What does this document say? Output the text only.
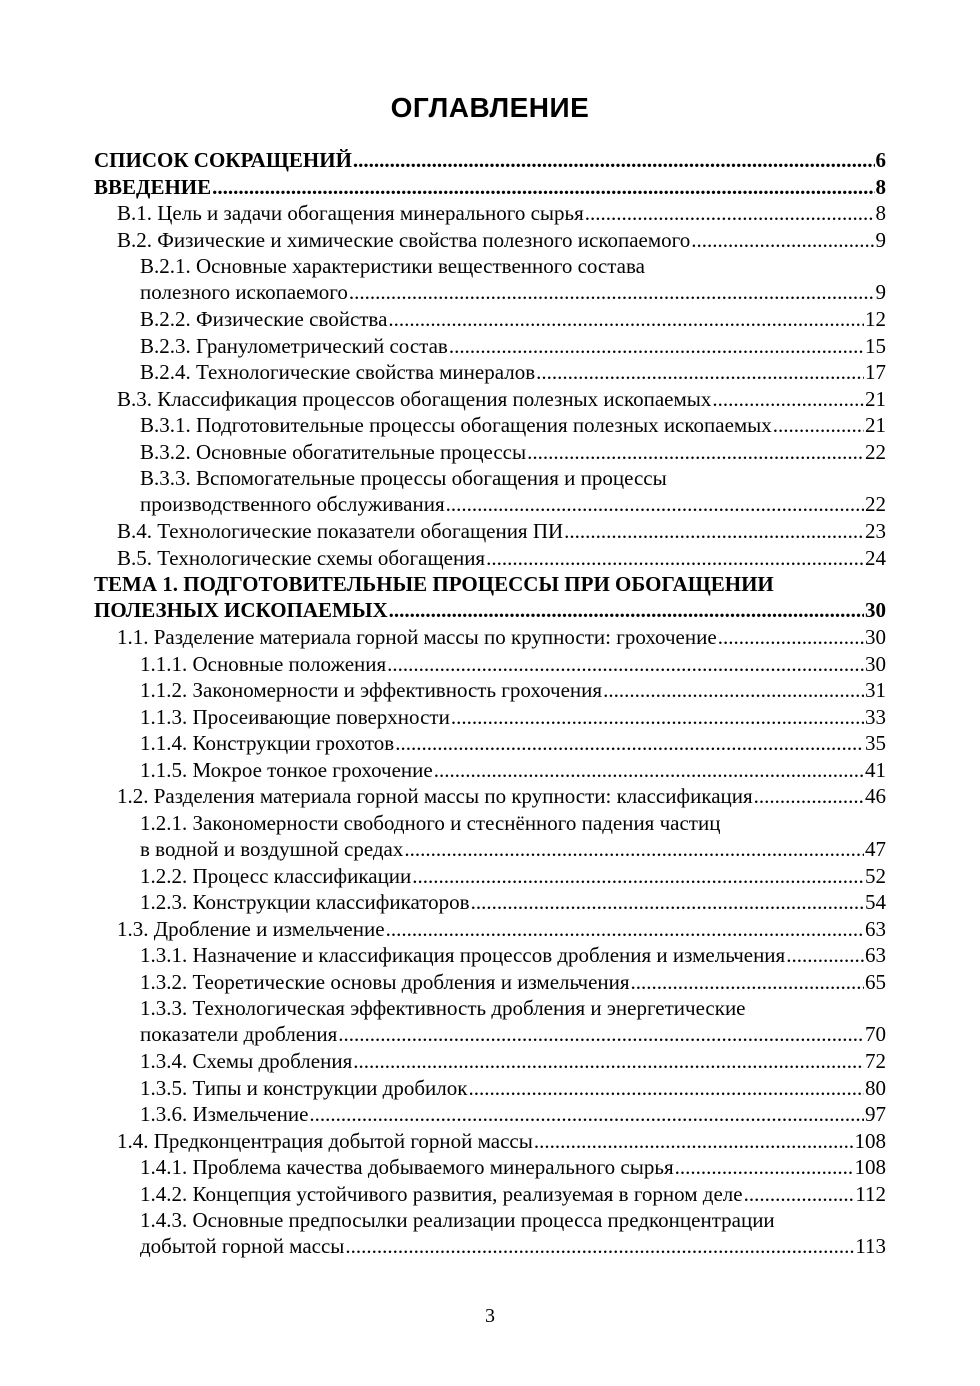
ОГЛАВЛЕНИЕ
СПИСОК СОКРАЩЕНИЙ .....	6
ВВЕДЕНИЕ .....	8
В.1. Цель и задачи обогащения минерального сырья .....	8
В.2. Физические и химические свойства полезного ископаемого .....	9
В.2.1. Основные характеристики вещественного состава
полезного ископаемого .....	9
В.2.2. Физические свойства .....	12
В.2.3. Гранулометрический состав .....	15
В.2.4. Технологические свойства минералов .....	17
В.3. Классификация процессов обогащения полезных ископаемых .....	21
В.3.1. Подготовительные процессы обогащения полезных ископаемых .....	21
В.3.2. Основные обогатительные процессы .....	22
В.3.3. Вспомогательные процессы обогащения и процессы
производственного обслуживания .....	22
В.4. Технологические показатели обогащения ПИ .....	23
В.5. Технологические схемы обогащения .....	24
ТЕМА 1. ПОДГОТОВИТЕЛЬНЫЕ ПРОЦЕССЫ ПРИ ОБОГАЩЕНИИ
ПОЛЕЗНЫХ ИСКОПАЕМЫХ .....	30
1.1. Разделение материала горной массы по крупности: грохочение .....	30
1.1.1. Основные положения .....	30
1.1.2. Закономерности и эффективность грохочения .....	31
1.1.3. Просеивающие поверхности .....	33
1.1.4. Конструкции грохотов .....	35
1.1.5. Мокрое тонкое грохочение .....	41
1.2. Разделения материала горной массы по крупности: классификация .....	46
1.2.1. Закономерности свободного и стеснённого падения частиц
в водной и воздушной средах .....	47
1.2.2. Процесс классификации .....	52
1.2.3. Конструкции классификаторов .....	54
1.3. Дробление и измельчение .....	63
1.3.1. Назначение и классификация процессов дробления и измельчения .....	63
1.3.2. Теоретические основы дробления и измельчения .....	65
1.3.3. Технологическая эффективность дробления и энергетические
показатели дробления .....	70
1.3.4. Схемы дробления .....	72
1.3.5. Типы и конструкции дробилок .....	80
1.3.6. Измельчение .....	97
1.4. Предконцентрация добытой горной массы .....	108
1.4.1. Проблема качества добываемого минерального сырья .....	108
1.4.2. Концепция устойчивого развития, реализуемая в горном деле .....	112
1.4.3. Основные предпосылки реализации процесса предконцентрации
добытой горной массы .....	113
3
